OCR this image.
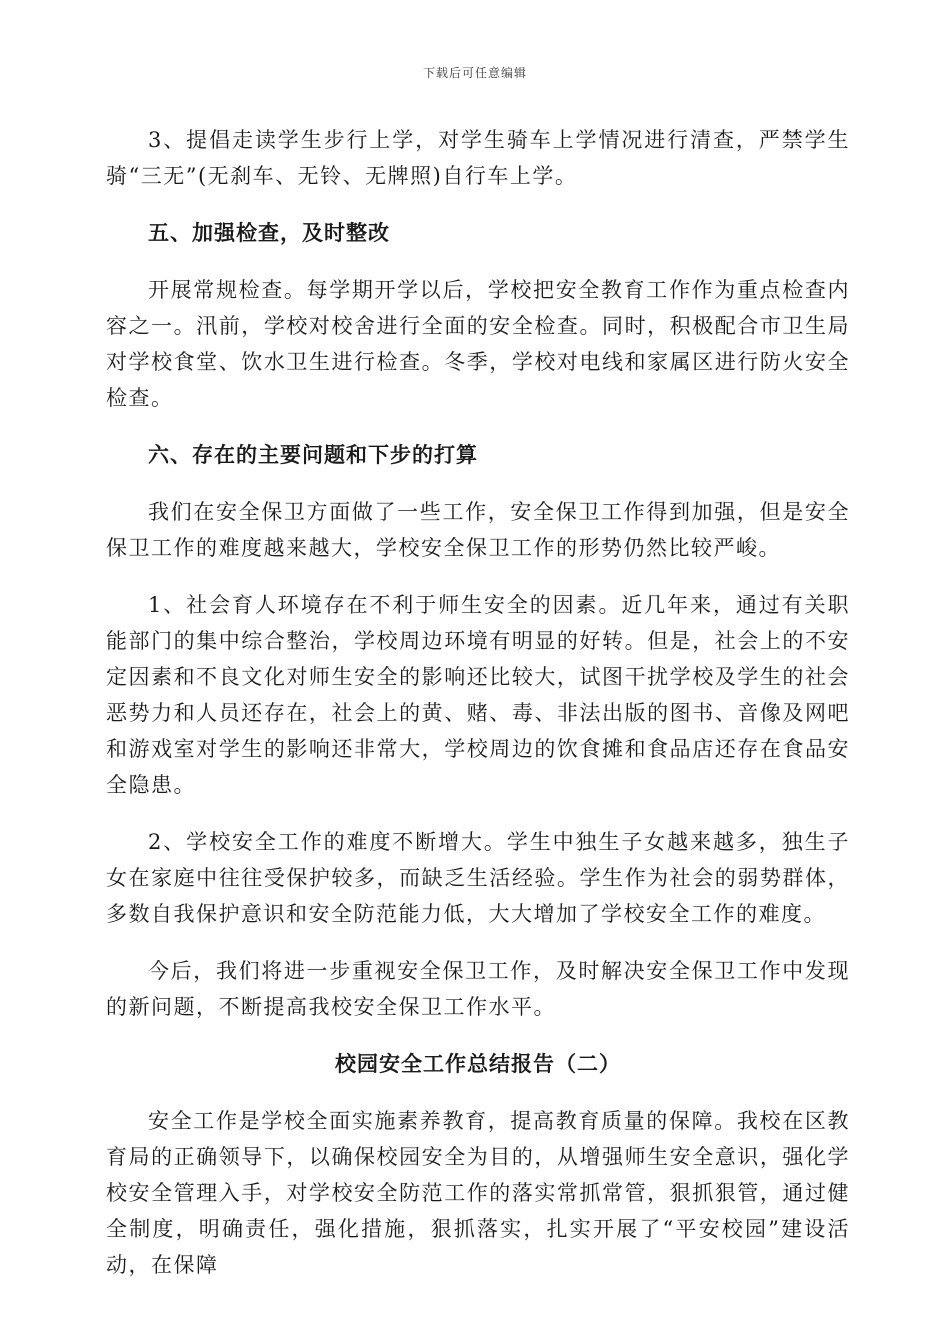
下载后可任意编辑

3、提倡走读学生步行上学，对学生骑车上学情况进行清查，严禁学生骑“三无”(无刹车、无铃、无牌照)自行车上学。

五、加强检查，及时整改

开展常规检查。每学期开学以后，学校把安全教育工作作为重点检查内容之一。汛前，学校对校舍进行全面的安全检查。同时，积极配合市卫生局对学校食堂、饮水卫生进行检查。冬季，学校对电线和家属区进行防火安全检查。

六、存在的主要问题和下步的打算

我们在安全保卫方面做了一些工作，安全保卫工作得到加强，但是安全保卫工作的难度越来越大，学校安全保卫工作的形势仍然比较严峻。

1、社会育人环境存在不利于师生安全的因素。近几年来，通过有关职能部门的集中综合整治，学校周边环境有明显的好转。但是，社会上的不安定因素和不良文化对师生安全的影响还比较大，试图干扰学校及学生的社会恶势力和人员还存在，社会上的黄、赌、毒、非法出版的图书、音像及网吧和游戏室对学生的影响还非常大，学校周边的饮食摊和食品店还存在食品安全隐患。

2、学校安全工作的难度不断增大。学生中独生子女越来越多，独生子女在家庭中往往受保护较多，而缺乏生活经验。学生作为社会的弱势群体，多数自我保护意识和安全防范能力低，大大增加了学校安全工作的难度。

今后，我们将进一步重视安全保卫工作，及时解决安全保卫工作中发现的新问题，不断提高我校安全保卫工作水平。

校园安全工作总结报告（二）

安全工作是学校全面实施素养教育，提高教育质量的保障。我校在区教育局的正确领导下，以确保校园安全为目的，从增强师生安全意识，强化学校安全管理入手，对学校安全防范工作的落实常抓常管，狠抓狠管，通过健全制度，明确责任，强化措施，狠抓落实，扎实开展了“平安校园”建设活动，在保障
